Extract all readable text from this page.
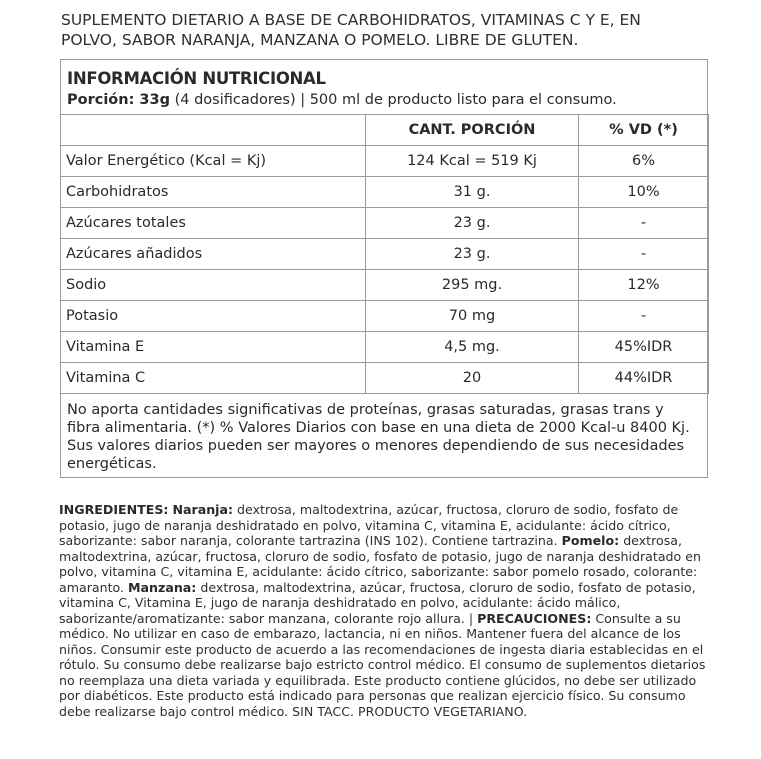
SUPLEMENTO DIETARIO A BASE DE CARBOHIDRATOS, VITAMINAS C Y E, EN
POLVO, SABOR NARANJA, MANZANA O POMELO. LIBRE DE GLUTEN.
INFORMACIÓN NUTRICIONAL
Porción: 33g (4 dosificadores) | 500 ml de producto listo para el consumo.
	CANT. PORCIÓN	% VD (*)
Valor Energético (Kcal = Kj)	124 Kcal = 519 Kj	6%
Carbohidratos	31 g.	10%
Azúcares totales	23 g.	-
Azúcares añadidos	23 g.	-
Sodio	295 mg.	12%
Potasio	70 mg	-
Vitamina E	4,5 mg.	45%IDR
Vitamina C	20	44%IDR
No aporta cantidades significativas de proteínas, grasas saturadas, grasas trans y fibra alimentaria. (*) % Valores Diarios con base en una dieta de 2000 Kcal-u 8400 Kj. Sus valores diarios pueden ser mayores o menores dependiendo de sus necesidades energéticas.
INGREDIENTES: Naranja: dextrosa, maltodextrina, azúcar, fructosa, cloruro de sodio, fosfato de potasio, jugo de naranja deshidratado en polvo, vitamina C, vitamina E, acidulante: ácido cítrico, saborizante: sabor naranja, colorante tartrazina (INS 102). Contiene tartrazina. Pomelo: dextrosa, maltodextrina, azúcar, fructosa, cloruro de sodio, fosfato de potasio, jugo de naranja deshidratado en polvo, vitamina C, vitamina E, acidulante: ácido cítrico, saborizante: sabor pomelo rosado, colorante: amaranto. Manzana: dextrosa, maltodextrina, azúcar, fructosa, cloruro de sodio, fosfato de potasio, vitamina C, Vitamina E, jugo de naranja deshidratado en polvo, acidulante: ácido málico, saborizante/aromatizante: sabor manzana, colorante rojo allura. | PRECAUCIONES: Consulte a su médico. No utilizar en caso de embarazo, lactancia, ni en niños. Mantener fuera del alcance de los niños. Consumir este producto de acuerdo a las recomendaciones de ingesta diaria establecidas en el rótulo. Su consumo debe realizarse bajo estricto control médico. El consumo de suplementos dietarios no reemplaza una dieta variada y equilibrada. Este producto contiene glúcidos, no debe ser utilizado por diabéticos. Este producto está indicado para personas que realizan ejercicio físico. Su consumo debe realizarse bajo control médico. SIN TACC. PRODUCTO VEGETARIANO.
